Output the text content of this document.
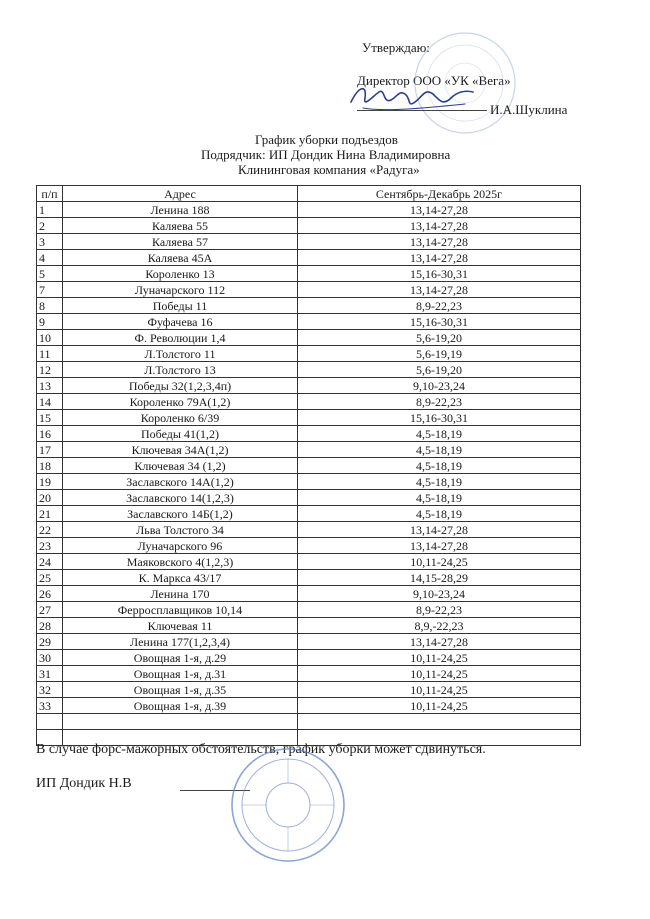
Утверждаю:
Директор ООО «УК «Вега»
И.А.Шуклина
График уборки подъездов
Подрядчик: ИП Дондик Нина Владимировна
Клининговая компания «Радуга»
п/п	Адрес	Сентябрь-Декабрь 2025г
1	Ленина 188	13,14-27,28
2	Каляева 55	13,14-27,28
3	Каляева 57	13,14-27,28
4	Каляева 45А	13,14-27,28
5	Короленко 13	15,16-30,31
7	Луначарского 112	13,14-27,28
8	Победы 11	8,9-22,23
9	Фуфачева 16	15,16-30,31
10	Ф. Революции 1,4	5,6-19,20
11	Л.Толстого 11	5,6-19,19
12	Л.Толстого 13	5,6-19,20
13	Победы 32(1,2,3,4п)	9,10-23,24
14	Короленко 79А(1,2)	8,9-22,23
15	Короленко 6/39	15,16-30,31
16	Победы 41(1,2)	4,5-18,19
17	Ключевая 34А(1,2)	4,5-18,19
18	Ключевая 34 (1,2)	4,5-18,19
19	Заславского 14А(1,2)	4,5-18,19
20	Заславского 14(1,2,3)	4,5-18,19
21	Заславского 14Б(1,2)	4,5-18,19
22	Льва Толстого 34	13,14-27,28
23	Луначарского 96	13,14-27,28
24	Маяковского 4(1,2,3)	10,11-24,25
25	К. Маркса 43/17	14,15-28,29
26	Ленина 170	9,10-23,24
27	Ферросплавщиков 10,14	8,9-22,23
28	Ключевая 11	8,9,-22,23
29	Ленина 177(1,2,3,4)	13,14-27,28
30	Овощная 1-я, д.29	10,11-24,25
31	Овощная 1-я, д.31	10,11-24,25
32	Овощная 1-я, д.35	10,11-24,25
33	Овощная 1-я, д.39	10,11-24,25

В случае форс-мажорных обстоятельств, график уборки может сдвинуться.
ИП Дондик Н.В
